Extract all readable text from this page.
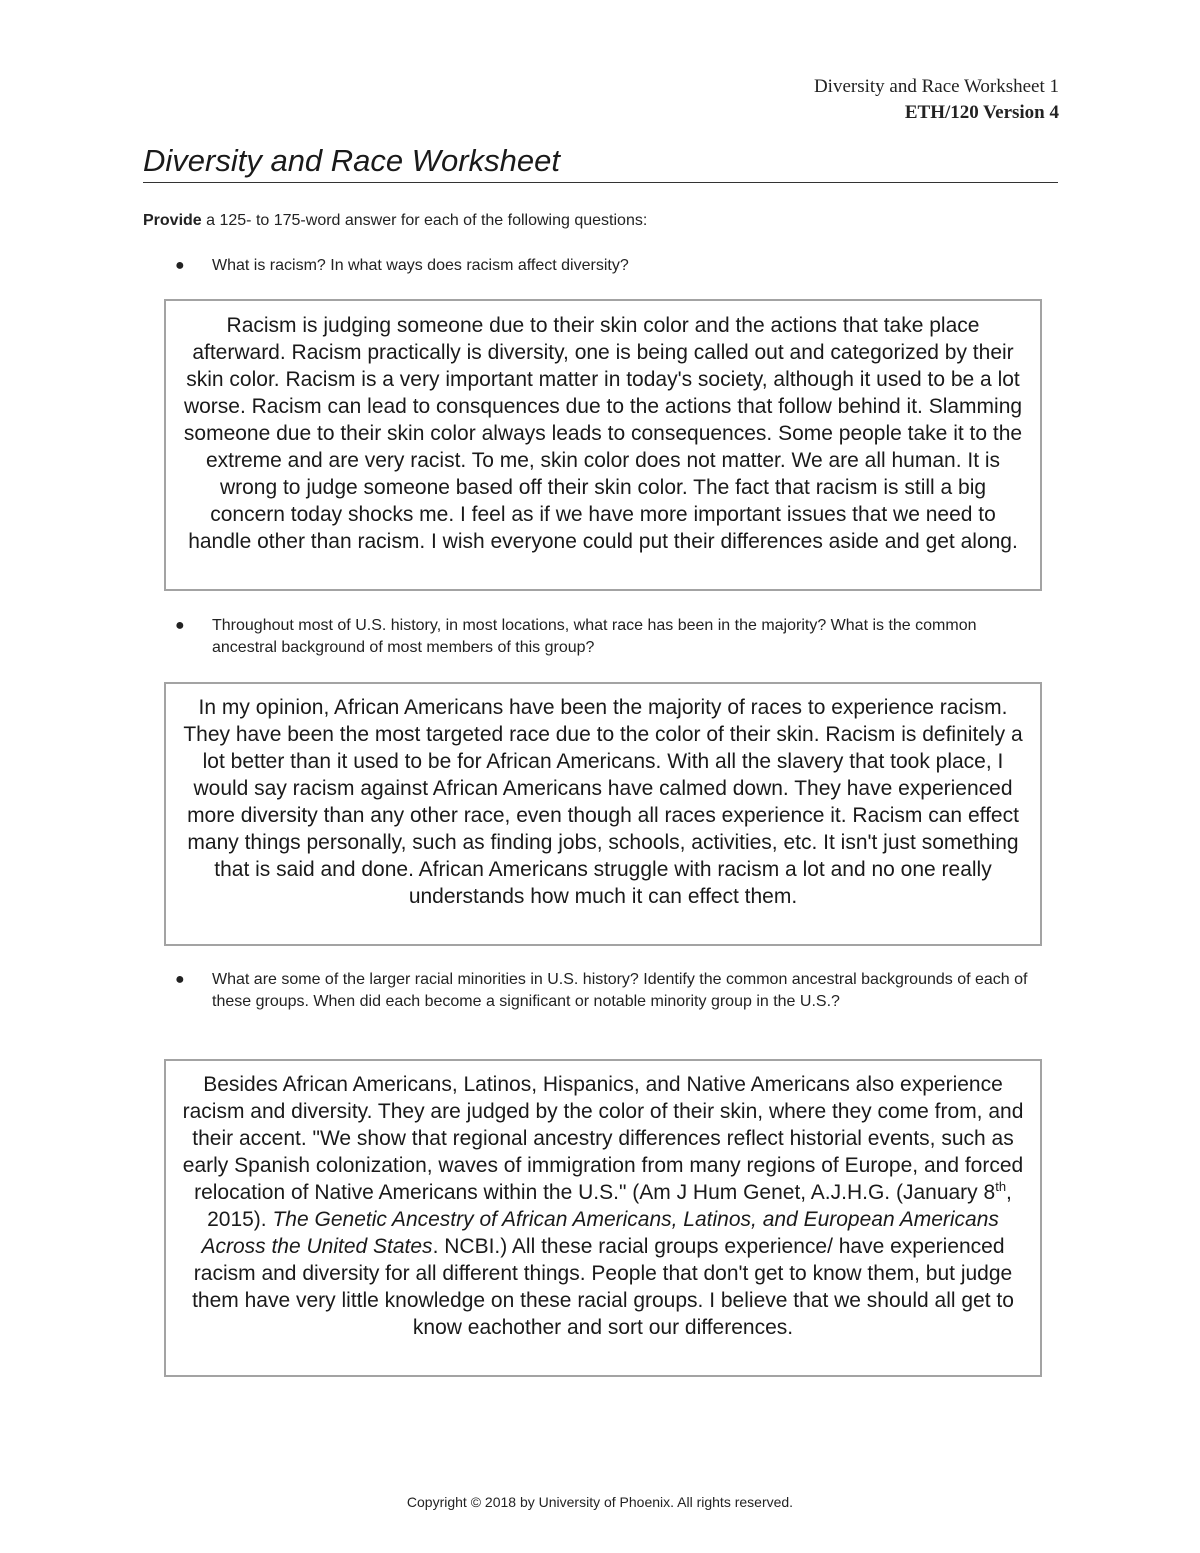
Diversity and Race Worksheet 1
ETH/120 Version 4
Diversity and Race Worksheet
Provide a 125- to 175-word answer for each of the following questions:
● What is racism? In what ways does racism affect diversity?
Racism is judging someone due to their skin color and the actions that take place afterward. Racism practically is diversity, one is being called out and categorized by their skin color. Racism is a very important matter in today's society, although it used to be a lot worse. Racism can lead to consquences due to the actions that follow behind it. Slamming someone due to their skin color always leads to consequences. Some people take it to the extreme and are very racist. To me, skin color does not matter. We are all human. It is wrong to judge someone based off their skin color. The fact that racism is still a big concern today shocks me. I feel as if we have more important issues that we need to handle other than racism. I wish everyone could put their differences aside and get along.
● Throughout most of U.S. history, in most locations, what race has been in the majority? What is the common ancestral background of most members of this group?
In my opinion, African Americans have been the majority of races to experience racism. They have been the most targeted race due to the color of their skin. Racism is definitely a lot better than it used to be for African Americans. With all the slavery that took place, I would say racism against African Americans have calmed down. They have experienced more diversity than any other race, even though all races experience it. Racism can effect many things personally, such as finding jobs, schools, activities, etc. It isn't just something that is said and done. African Americans struggle with racism a lot and no one really understands how much it can effect them.
● What are some of the larger racial minorities in U.S. history? Identify the common ancestral backgrounds of each of these groups. When did each become a significant or notable minority group in the U.S.?
Besides African Americans, Latinos, Hispanics, and Native Americans also experience racism and diversity. They are judged by the color of their skin, where they come from, and their accent. "We show that regional ancestry differences reflect historial events, such as early Spanish colonization, waves of immigration from many regions of Europe, and forced relocation of Native Americans within the U.S." (Am J Hum Genet, A.J.H.G. (January 8th, 2015). The Genetic Ancestry of African Americans, Latinos, and European Americans Across the United States. NCBI.) All these racial groups experience/ have experienced racism and diversity for all different things. People that don't get to know them, but judge them have very little knowledge on these racial groups. I believe that we should all get to know eachother and sort our differences.
Copyright © 2018 by University of Phoenix. All rights reserved.
